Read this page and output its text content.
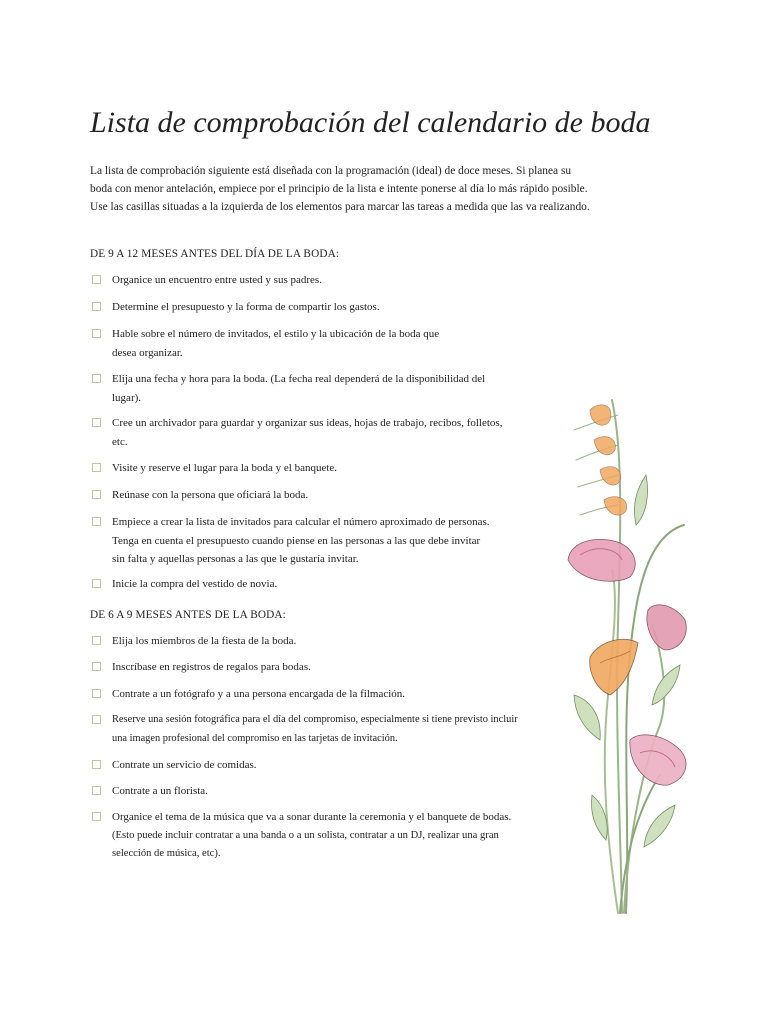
Lista de comprobación del calendario de boda
La lista de comprobación siguiente está diseñada con la programación (ideal) de doce meses. Si planea su boda con menor antelación, empiece por el principio de la lista e intente ponerse al día lo más rápido posible. Use las casillas situadas a la izquierda de los elementos para marcar las tareas a medida que las va realizando.
DE 9 A 12 MESES ANTES DEL DÍA DE LA BODA:
Organice un encuentro entre usted y sus padres.
Determine el presupuesto y la forma de compartir los gastos.
Hable sobre el número de invitados, el estilo y la ubicación de la boda que desea organizar.
Elija una fecha y hora para la boda. (La fecha real dependerá de la disponibilidad del lugar).
Cree un archivador para guardar y organizar sus ideas, hojas de trabajo, recibos, folletos, etc.
Visite y reserve el lugar para la boda y el banquete.
Reúnase con la persona que oficiará la boda.
Empiece a crear la lista de invitados para calcular el número aproximado de personas. Tenga en cuenta el presupuesto cuando piense en las personas a las que debe invitar sin falta y aquellas personas a las que le gustaría invitar.
Inicie la compra del vestido de novia.
DE 6 A 9 MESES ANTES DE LA BODA:
Elija los miembros de la fiesta de la boda.
Inscríbase en registros de regalos para bodas.
Contrate a un fotógrafo y a una persona encargada de la filmación.
Reserve una sesión fotográfica para el día del compromiso, especialmente si tiene previsto incluir una imagen profesional del compromiso en las tarjetas de invitación.
Contrate un servicio de comidas.
Contrate a un florista.
Organice el tema de la música que va a sonar durante la ceremonia y el banquete de bodas.
(Esto puede incluir contratar a una banda o a un solista, contratar a un DJ, realizar una gran selección de música, etc).
